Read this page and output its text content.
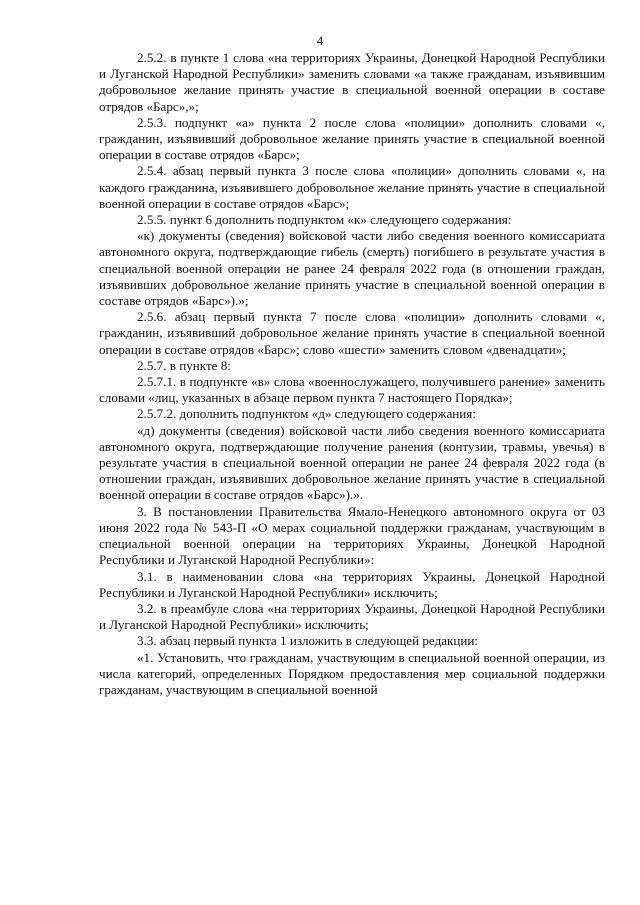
4

2.5.2. в пункте 1 слова «на территориях Украины, Донецкой Народной Республики и Луганской Народной Республики» заменить словами «а также гражданам, изъявившим добровольное желание принять участие в специальной военной операции в составе отрядов «Барс»,»;

2.5.3. подпункт «а» пункта 2 после слова «полиции» дополнить словами «, гражданин, изъявивший добровольное желание принять участие в специальной военной операции в составе отрядов «Барс»;

2.5.4. абзац первый пункта 3 после слова «полиции» дополнить словами «, на каждого гражданина, изъявившего добровольное желание принять участие в специальной военной операции в составе отрядов «Барс»;

2.5.5. пункт 6 дополнить подпунктом «к» следующего содержания:

«к) документы (сведения) войсковой части либо сведения военного комиссариата автономного округа, подтверждающие гибель (смерть) погибшего в результате участия в специальной военной операции не ранее 24 февраля 2022 года (в отношении граждан, изъявивших добровольное желание принять участие в специальной военной операции в составе отрядов «Барс»).»;

2.5.6. абзац первый пункта 7 после слова «полиции» дополнить словами «, гражданин, изъявивший добровольное желание принять участие в специальной военной операции в составе отрядов «Барс»; слово «шести» заменить словом «двенадцати»;

2.5.7. в пункте 8:

2.5.7.1. в подпункте «в» слова «военнослужащего, получившего ранение» заменить словами «лиц, указанных в абзаце первом пункта 7 настоящего Порядка»;

2.5.7.2. дополнить подпунктом «д» следующего содержания:

«д) документы (сведения) войсковой части либо сведения военного комиссариата автономного округа, подтверждающие получение ранения (контузии, травмы, увечья) в результате участия в специальной военной операции не ранее 24 февраля 2022 года (в отношении граждан, изъявивших добровольное желание принять участие в специальной военной операции в составе отрядов «Барс»).».

3. В постановлении Правительства Ямало-Ненецкого автономного округа от 03 июня 2022 года № 543-П «О мерах социальной поддержки гражданам, участвующим в специальной военной операции на территориях Украины, Донецкой Народной Республики и Луганской Народной Республики»:

3.1. в наименовании слова «на территориях Украины, Донецкой Народной Республики и Луганской Народной Республики» исключить;

3.2. в преамбуле слова «на территориях Украины, Донецкой Народной Республики и Луганской Народной Республики» исключить;

3.3. абзац первый пункта 1 изложить в следующей редакции:

«1. Установить, что гражданам, участвующим в специальной военной операции, из числа категорий, определенных Порядком предоставления мер социальной поддержки гражданам, участвующим в специальной военной
